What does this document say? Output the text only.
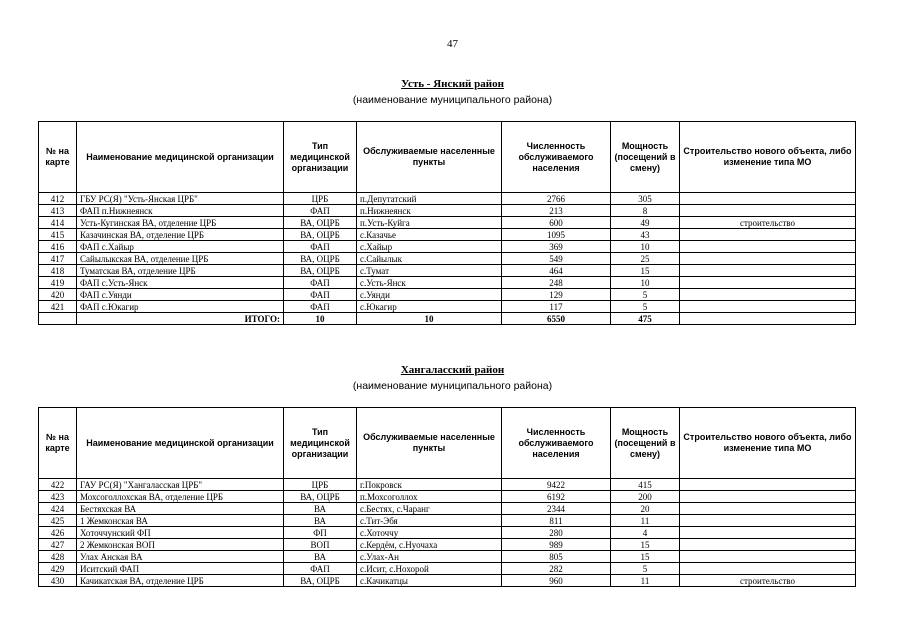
47
Усть - Янский район
(наименование муниципального района)
№ на карте	Наименование медицинской организации	Тип медицинской организации	Обслуживаемые населенные пункты	Численность обслуживаемого населения	Мощность (посещений в смену)	Строительство нового объекта, либо изменение типа МО
412	ГБУ РС(Я) "Усть-Янская ЦРБ"	ЦРБ	п.Депутатский	2766	305	
413	ФАП п.Нижнеянск	ФАП	п.Нижнеянск	213	8	
414	Усть-Кугинская ВА, отделение ЦРБ	ВА, ОЦРБ	п.Усть-Куйга	600	49	строительство
415	Казачинская ВА, отделение ЦРБ	ВА, ОЦРБ	с.Казачье	1095	43	
416	ФАП с.Хайыр	ФАП	с.Хайыр	369	10	
417	Сайылыкская ВА, отделение ЦРБ	ВА, ОЦРБ	с.Сайылык	549	25	
418	Туматская ВА, отделение ЦРБ	ВА, ОЦРБ	с.Тумат	464	15	
419	ФАП с.Усть-Янск	ФАП	с.Усть-Янск	248	10	
420	ФАП с.Уянди	ФАП	с.Уянди	129	5	
421	ФАП с.Юкагир	ФАП	с.Юкагир	117	5	
	ИТОГО:	10	10	6550	475	
Хангаласский район
(наименование муниципального района)
№ на карте	Наименование медицинской организации	Тип медицинской организации	Обслуживаемые населенные пункты	Численность обслуживаемого населения	Мощность (посещений в смену)	Строительство нового объекта, либо изменение типа МО
422	ГАУ РС(Я) "Хангаласская ЦРБ"	ЦРБ	г.Покровск	9422	415	
423	Мохсоголлохская ВА, отделение ЦРБ	ВА, ОЦРБ	п.Мохсоголлох	6192	200	
424	Бестяхская ВА	ВА	с.Бестях, с.Чаранг	2344	20	
425	1 Жемконская ВА	ВА	с.Тит-Эбя	811	11	
426	Хоточчунский ФП	ФП	с.Хоточчу	280	4	
427	2 Жемконская ВОП	ВОП	с.Кердём, с.Нуочаха	989	15	
428	Улах Анская ВА	ВА	с.Улах-Ан	805	15	
429	Иситский ФАП	ФАП	с.Исит, с.Нохорой	282	5	
430	Качикатская ВА, отделение ЦРБ	ВА, ОЦРБ	с.Качикатцы	960	11	строительство
